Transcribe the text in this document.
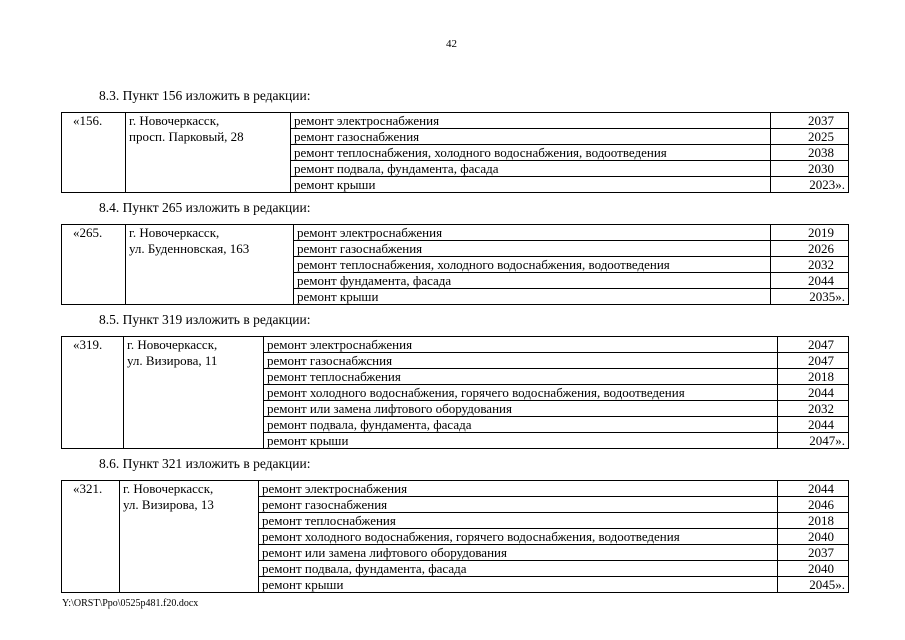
42
8.3. Пункт 156 изложить в редакции:
«156.	г. Новочеркасск,
просп. Парковый, 28	ремонт электроснабжения	2037
		ремонт газоснабжения	2025
		ремонт теплоснабжения, холодного водоснабжения, водоотведения	2038
		ремонт подвала, фундамента, фасада	2030
		ремонт крыши	2023».
8.4. Пункт 265 изложить в редакции:
«265.	г. Новочеркасск,
ул. Буденновская, 163	ремонт электроснабжения	2019
		ремонт газоснабжения	2026
		ремонт теплоснабжения, холодного водоснабжения, водоотведения	2032
		ремонт фундамента, фасада	2044
		ремонт крыши	2035».
8.5. Пункт 319 изложить в редакции:
«319.	г. Новочеркасск,
ул. Визирова, 11	ремонт электроснабжения	2047
		ремонт газоснабжсния	2047
		ремонт теплоснабжения	2018
		ремонт холодного водоснабжения, горячего водоснабжения, водоотведения	2044
		ремонт или замена лифтового оборудования	2032
		ремонт подвала, фундамента, фасада	2044
		ремонт крыши	2047».
8.6. Пункт 321 изложить в редакции:
«321.	г. Новочеркасск,
ул. Визирова, 13	ремонт электроснабжения	2044
		ремонт газоснабжения	2046
		ремонт теплоснабжения	2018
		ремонт холодного водоснабжения, горячего водоснабжения, водоотведения	2040
		ремонт или замена лифтового оборудования	2037
		ремонт подвала, фундамента, фасада	2040
		ремонт крыши	2045».
Y:\ORST\Ppo\0525p481.f20.docx
